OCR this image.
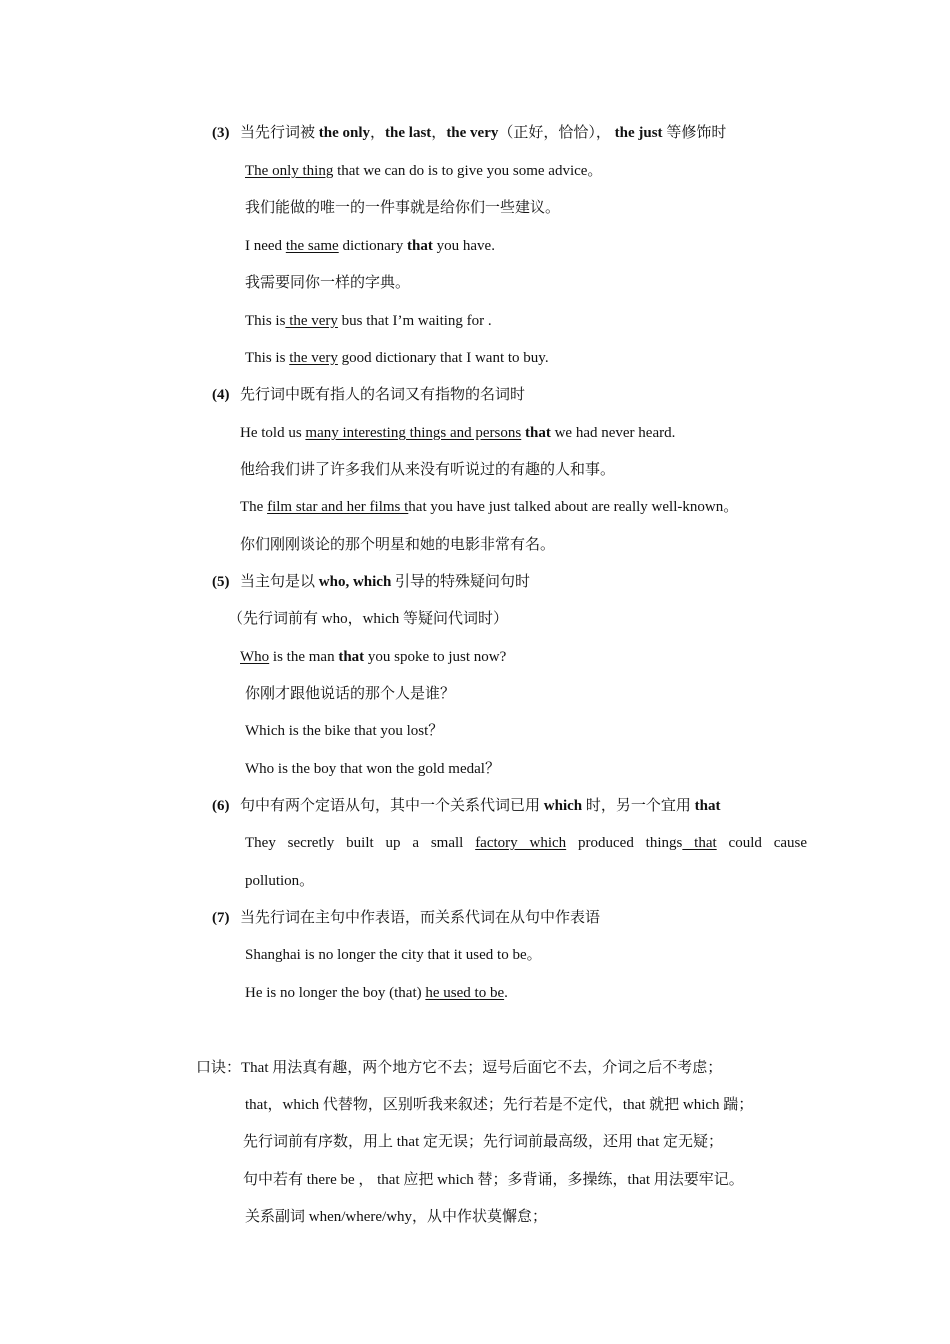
(3) 当先行词被 the only，the last，the very（正好，恰恰）， the just 等修饰时
The only thing that we can do is to give you some advice。
我们能做的唯一的一件事就是给你们一些建议。
I need the same dictionary that you have.
我需要同你一样的字典。
This is the very bus that I’m waiting for .
This is the very good dictionary that I want to buy.
(4) 先行词中既有指人的名词又有指物的名词时
He told us many interesting things and persons that we had never heard.
他给我们讲了许多我们从来没有听说过的有趣的人和事。
The film star and her films that you have just talked about are really well-known。
你们刚刚谈论的那个明星和她的电影非常有名。
(5) 当主句是以 who, which 引导的特殊疑问句时
（先行词前有 who，which 等疑问代词时）
Who is the man that you spoke to just now?
你刚才跟他说话的那个人是谁？
Which is the bike that you lost？
Who is the boy that won the gold medal？
(6) 句中有两个定语从句，其中一个关系代词已用 which 时，另一个宜用 that
They secretly built up a small factory which produced things that could cause
pollution。
(7) 当先行词在主句中作表语，而关系代词在从句中作表语
Shanghai is no longer the city that it used to be。
He is no longer the boy (that) he used to be.
口诀：That 用法真有趣，两个地方它不去；逗号后面它不去，介词之后不考虑；
that，which 代替物，区别听我来叙述；先行若是不定代，that 就把 which 踹；
先行词前有序数，用上 that 定无误；先行词前最高级，还用 that 定无疑；
句中若有 there be ， that 应把 which 替；多背诵，多操练，that 用法要牢记。
关系副词 when/where/why，从中作状莫懈怠；
